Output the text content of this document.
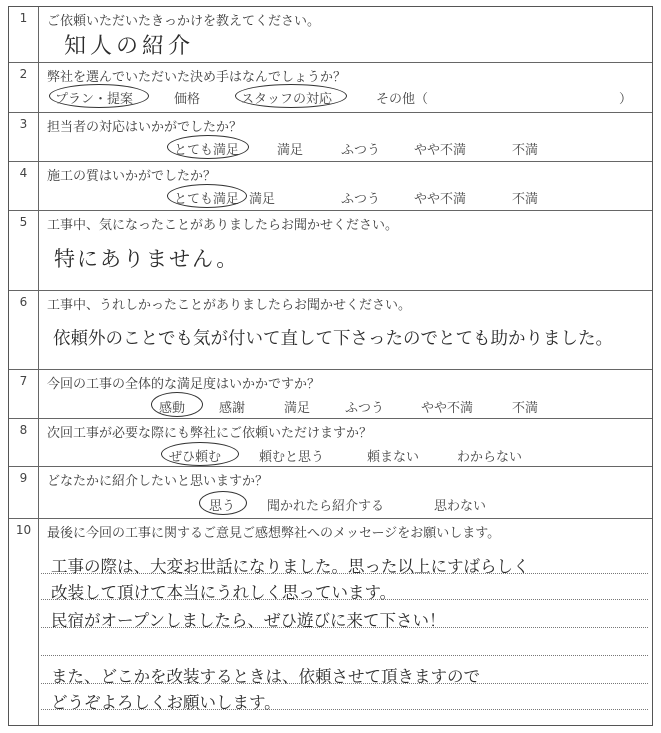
1	ご依頼いただいたきっかけを教えてください。
知人の紹介
2	弊社を選んでいただいた決め手はなんでしょうか？
プラン・提案	価格	スタッフの対応	その他（	）
3	担当者の対応はいかがでしたか？
とても満足	満足	ふつう	やや不満	不満
4	施工の質はいかがでしたか？
とても満足 満足	ふつう	やや不満	不満
5	工事中、気になったことがありましたらお聞かせください。
特にありません。
6	工事中、うれしかったことがありましたらお聞かせください。
依頼外のことでも気が付いて直して下さったのでとても助かりました。
7	今回の工事の全体的な満足度はいかかですか？
感動	感謝	満足	ふつう	やや不満	不満
8	次回工事が必要な際にも弊社にご依頼いただけますか？
ぜひ頼む	頼むと思う	頼まない	わからない
9	どなたかに紹介したいと思いますか？
思う 聞かれたら紹介する	思わない
10	最後に今回の工事に関するご意見ご感想弊社へのメッセージをお願いします。
工事の際は、大変お世話になりました。思った以上にすばらしく
改装して頂けて本当にうれしく思っています。
民宿がオープンしましたら、ぜひ遊びに来て下さい！
また、どこかを改装するときは、依頼させて頂きますので
どうぞよろしくお願いします。
